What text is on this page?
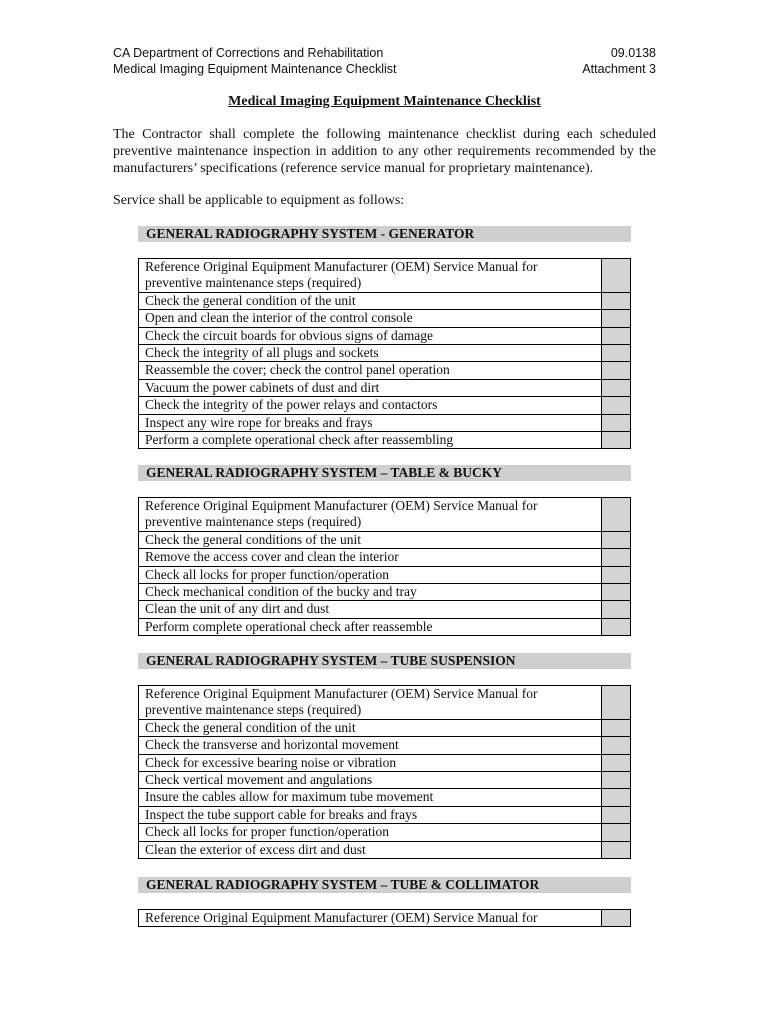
CA Department of Corrections and Rehabilitation
Medical Imaging Equipment Maintenance Checklist
09.0138
Attachment 3
Medical Imaging Equipment Maintenance Checklist

The Contractor shall complete the following maintenance checklist during each scheduled preventive maintenance inspection in addition to any other requirements recommended by the manufacturers’ specifications (reference service manual for proprietary maintenance).

Service shall be applicable to equipment as follows:

GENERAL RADIOGRAPHY SYSTEM - GENERATOR
Reference Original Equipment Manufacturer (OEM) Service Manual for preventive maintenance steps (required)	
Check the general condition of the unit	
Open and clean the interior of the control console	
Check the circuit boards for obvious signs of damage	
Check the integrity of all plugs and sockets	
Reassemble the cover; check the control panel operation	
Vacuum the power cabinets of dust and dirt	
Check the integrity of the power relays and contactors	
Inspect any wire rope for breaks and frays	
Perform a complete operational check after reassembling	
GENERAL RADIOGRAPHY SYSTEM – TABLE & BUCKY
Reference Original Equipment Manufacturer (OEM) Service Manual for preventive maintenance steps (required)	
Check the general conditions of the unit	
Remove the access cover and clean the interior	
Check all locks for proper function/operation	
Check mechanical condition of the bucky and tray	
Clean the unit of any dirt and dust	
Perform complete operational check after reassemble	
GENERAL RADIOGRAPHY SYSTEM – TUBE SUSPENSION
Reference Original Equipment Manufacturer (OEM) Service Manual for preventive maintenance steps (required)	
Check the general condition of the unit	
Check the transverse and horizontal movement	
Check for excessive bearing noise or vibration	
Check vertical movement and angulations	
Insure the cables allow for maximum tube movement	
Inspect the tube support cable for breaks and frays	
Check all locks for proper function/operation	
Clean the exterior of excess dirt and dust	
GENERAL RADIOGRAPHY SYSTEM – TUBE & COLLIMATOR
Reference Original Equipment Manufacturer (OEM) Service Manual for	
